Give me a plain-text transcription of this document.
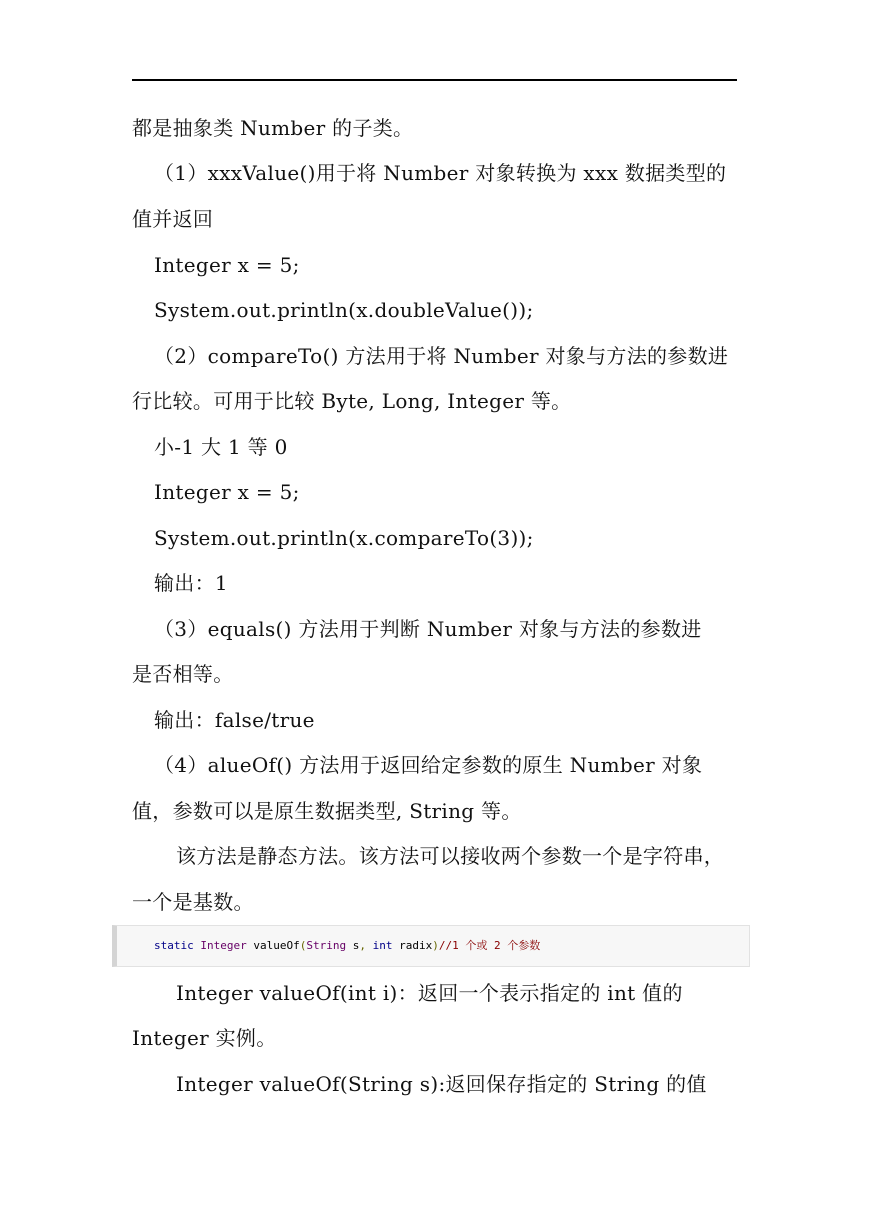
都是抽象类 Number 的子类。
（1）xxxValue()用于将 Number 对象转换为 xxx 数据类型的
值并返回
Integer x = 5;
System.out.println(x.doubleValue());
（2）compareTo() 方法用于将 Number 对象与方法的参数进
行比较。可用于比较 Byte, Long, Integer 等。
小-1 大 1 等 0
Integer x = 5;
System.out.println(x.compareTo(3));
输出：1
（3）equals() 方法用于判断 Number 对象与方法的参数进
是否相等。
输出：false/true
（4）alueOf() 方法用于返回给定参数的原生 Number 对象
值，参数可以是原生数据类型, String 等。
该方法是静态方法。该方法可以接收两个参数一个是字符串，
一个是基数。
static Integer valueOf(String s, int radix)//1 个或 2 个参数
Integer valueOf(int i)：返回一个表示指定的 int 值的
Integer 实例。
Integer valueOf(String s):返回保存指定的 String 的值
